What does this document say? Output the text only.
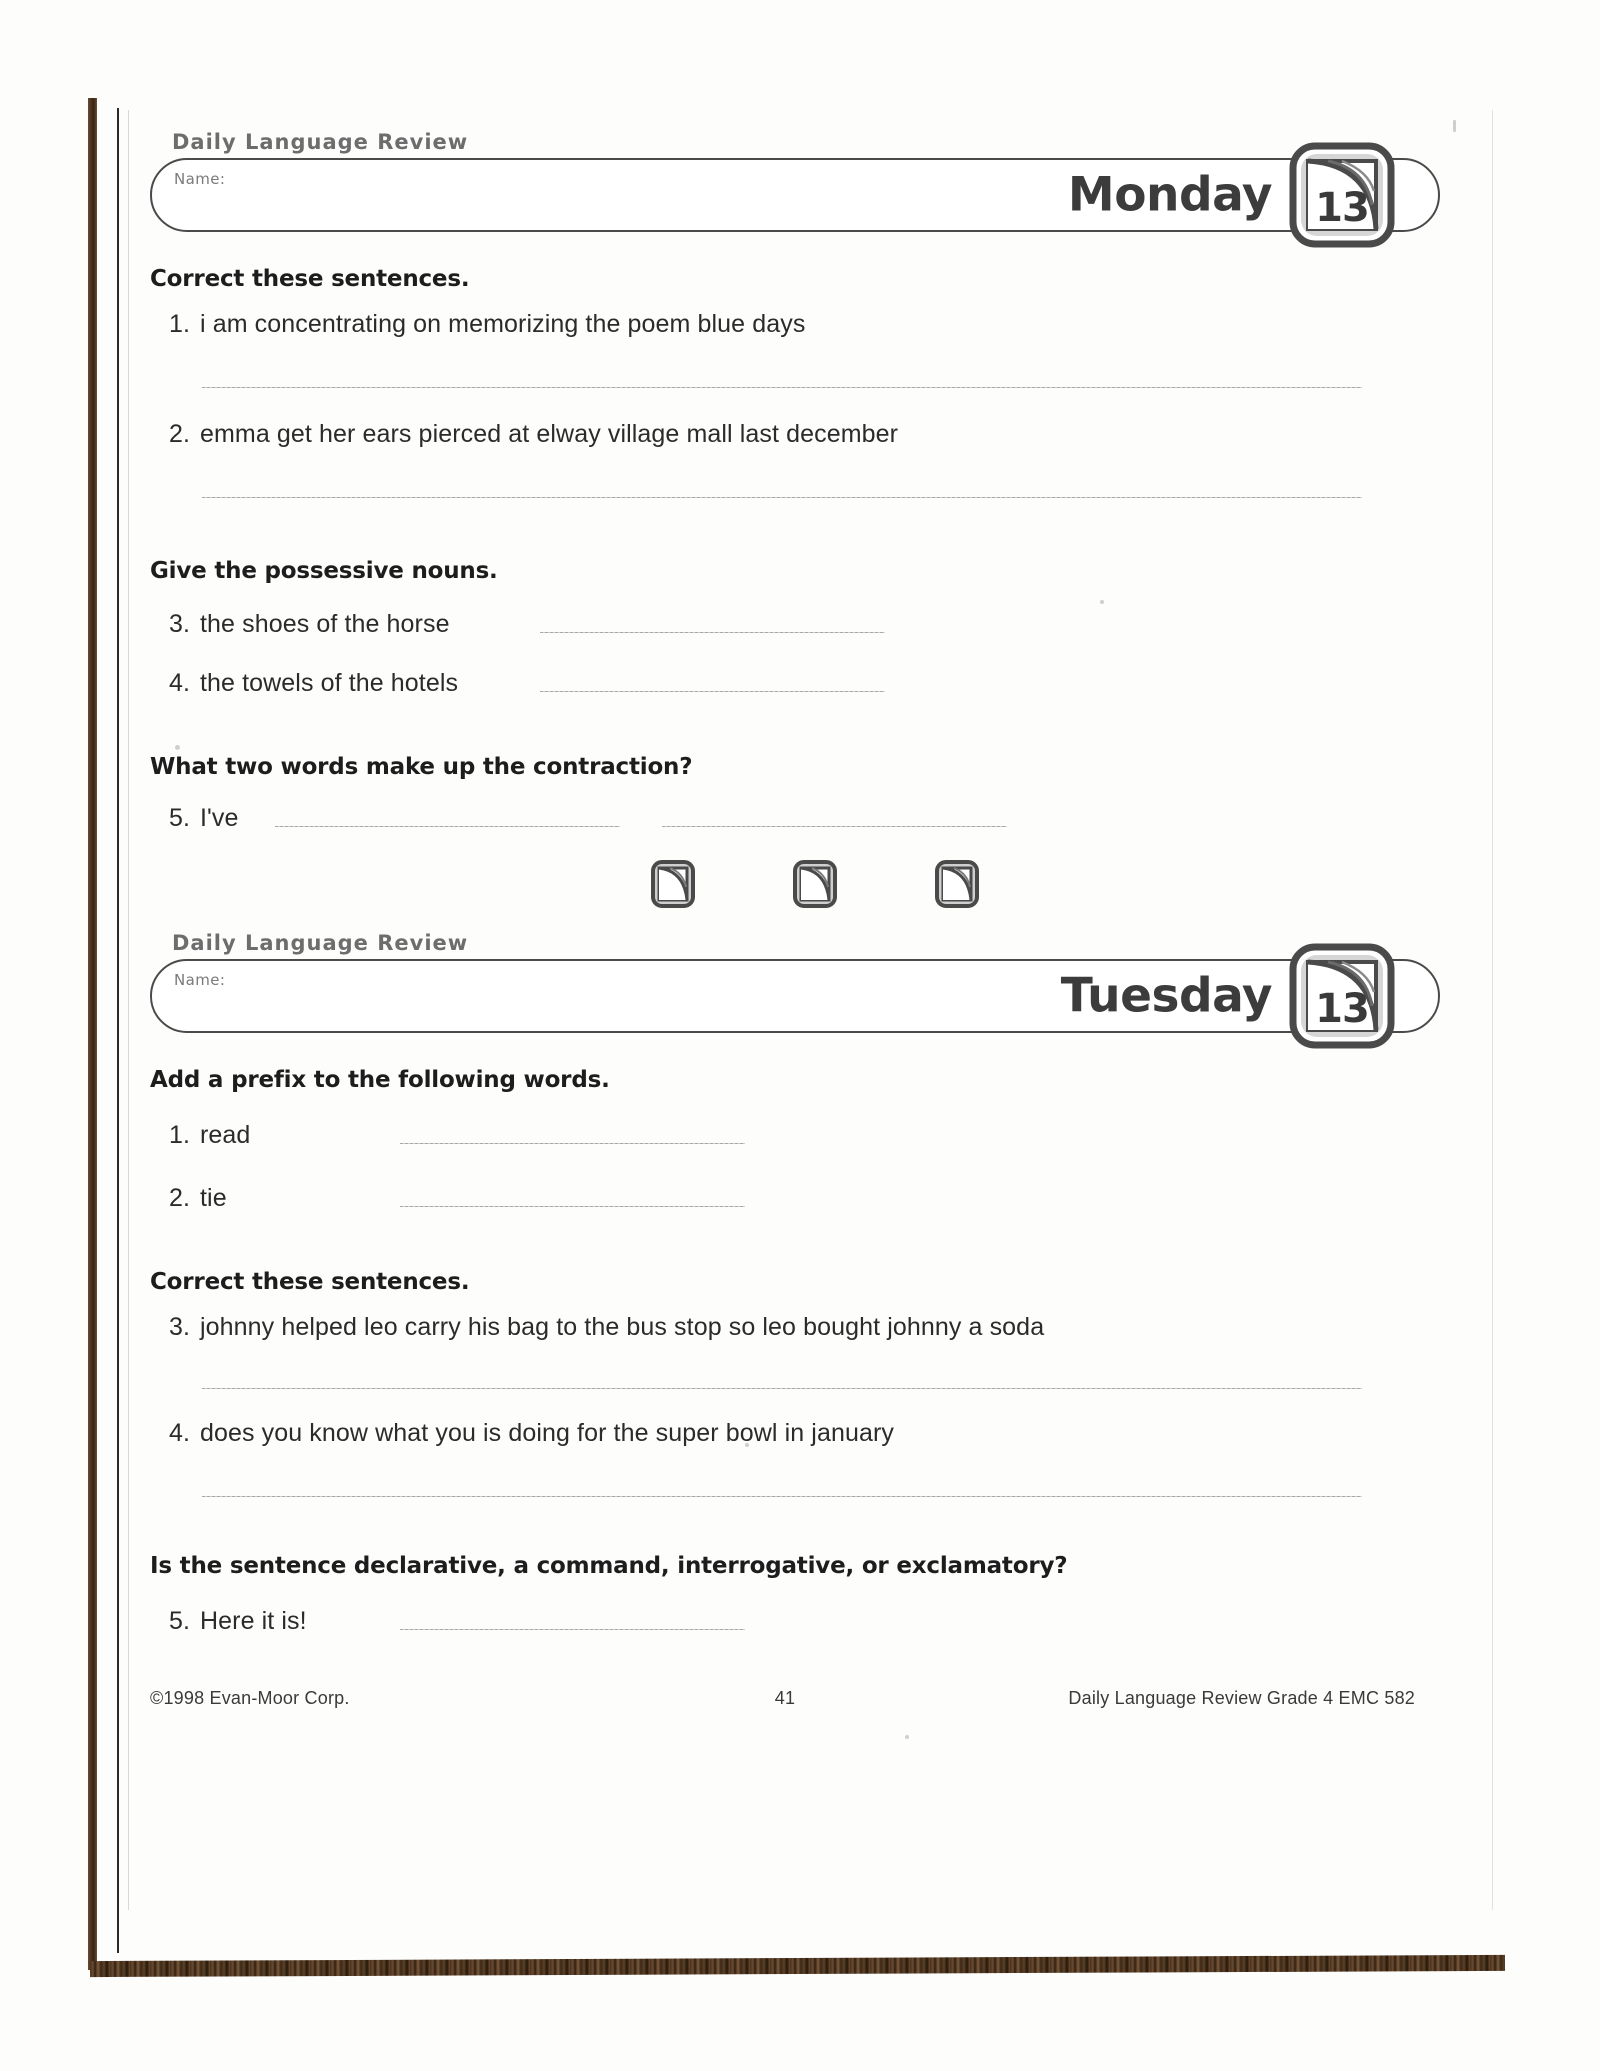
Daily Language Review
Name:	Monday	13
Correct these sentences.
1. i am concentrating on memorizing the poem blue days
2. emma get her ears pierced at elway village mall last december
Give the possessive nouns.
3. the shoes of the horse
4. the towels of the hotels
What two words make up the contraction?
5. I've
Daily Language Review
Name:	Tuesday	13
Add a prefix to the following words.
1. read
2. tie
Correct these sentences.
3. johnny helped leo carry his bag to the bus stop so leo bought johnny a soda
4. does you know what you is doing for the super bowl in january
Is the sentence declarative, a command, interrogative, or exclamatory?
5. Here it is!
©1998 Evan-Moor Corp.	41	Daily Language Review Grade 4 EMC 582
